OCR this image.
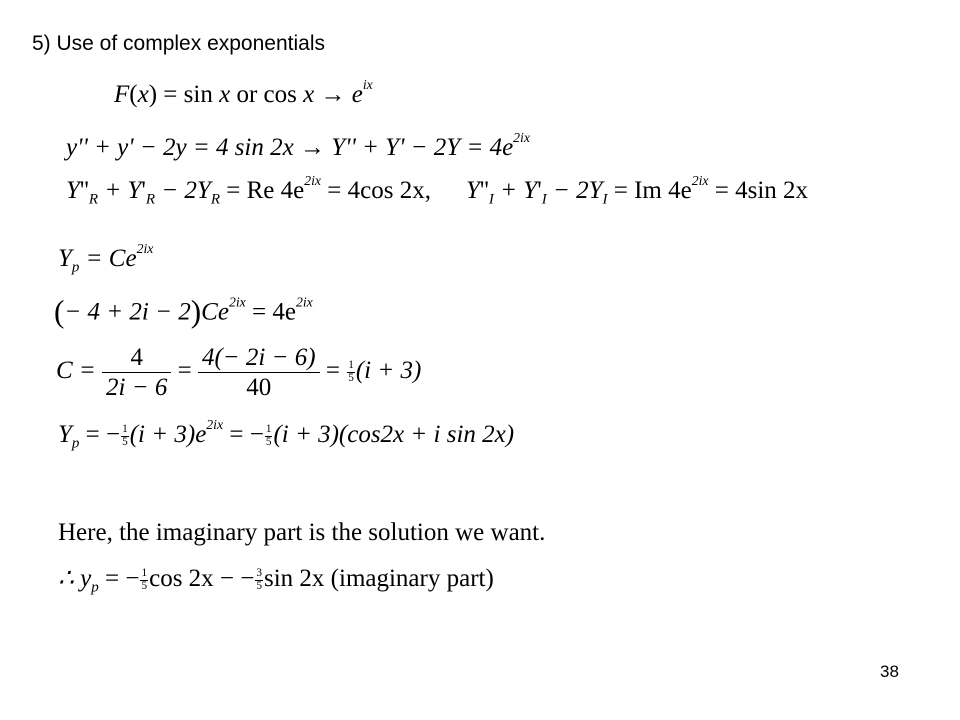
5) Use of complex exponentials
F(x) = sin x or $\cos x \to e^{ix}$
y'' + y' − 2y = 4 $\sin 2x \to Y'' + Y' - 2Y = 4e^{2ix}$
$Y''_R + Y'_R - 2Y_R = Re$ $4e^{2ix} = 4\cos$ 2x, $Y''_I + Y'_I - 2Y_I = Im$ $4e^{2ix} = 4\sin$ 2x
$Y_p = Ce^{2ix}$
(− $4 + 2i - 2)Ce^{2ix} = 4e^{2ix}$
$C = \frac{4}{2i - 6} = \frac{4(- 2i - 6)}{40} = \frac{1}{5} (i + 3)$
$Y_p$ = − $\frac{1}{5} (i + 3)e^{2ix}$ = − $\frac{1}{5} (i + 3)(\cos 2x + i$ sin 2x)
Here, the imaginary part is the solution we want.
∴ $y_p$ = − $\frac{1}{5}$ cos 2x − − $\frac{3}{5}$ sin 2x (imaginary part)
38
